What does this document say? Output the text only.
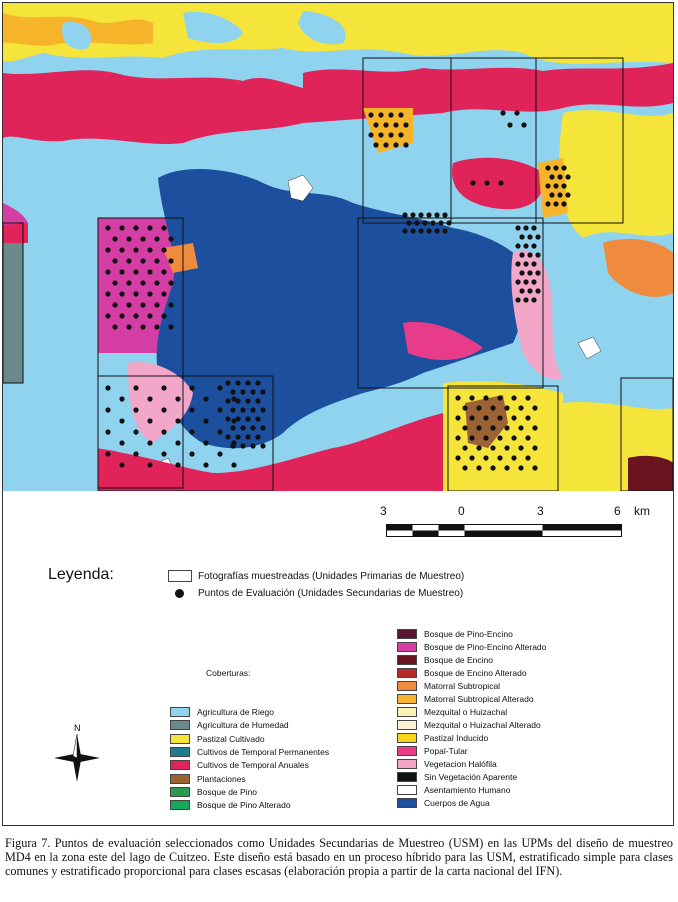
3	0	3	6 km
Leyenda:	Fotografías muestreadas (Unidades Primarias de Muestreo)
Puntos de Evaluación (Unidades Secundarias de Muestreo)
Coberturas:
Agricultura de Riego
Agricultura de Humedad
Pastizal Cultivado
Cultivos de Temporal Permanentes
Cultivos de Temporal Anuales
Plantaciones
Bosque de Pino
Bosque de Pino Alterado
Bosque de Pino-Encino
Bosque de Pino-Encino Alterado
Bosque de Encino
Bosque de Encino Alterado
Matorral Subtropical
Matorral Subtropical Alterado
Mezquital o Huizachal
Mezquital o Huizachal Alterado
Pastizal Inducido
Popal-Tular
Vegetacion Halófila
Sin Vegetación Aparente
Asentamiento Humano
Cuerpos de Agua
N
Figura 7. Puntos de evaluación seleccionados como Unidades Secundarias de Muestreo (USM) en las UPMs del diseño de muestreo MD4 en la zona este del lago de Cuitzeo. Este diseño está basado en un proceso híbrido para las USM, estratificado simple para clases comunes y estratificado proporcional para clases escasas (elaboración propia a partir de la carta nacional del IFN).
